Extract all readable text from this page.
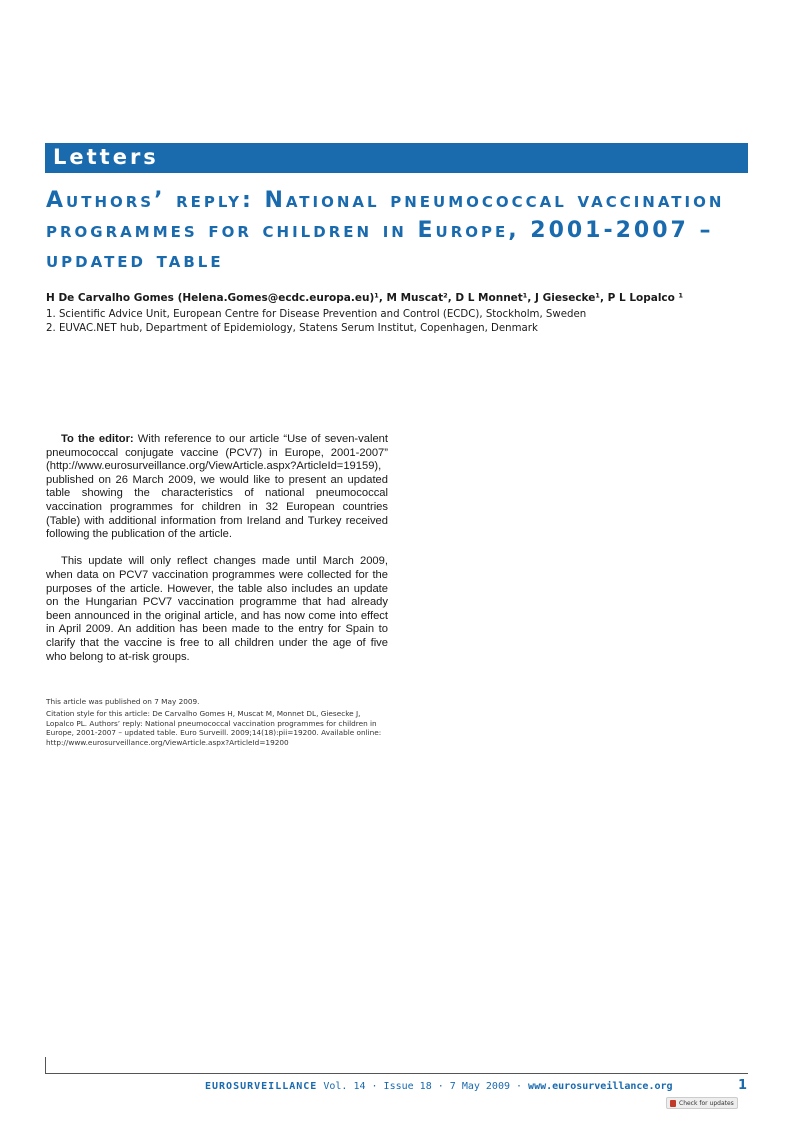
Letters
Authors’ reply: National pneumococcal vaccination programmes for children in Europe, 2001-2007 – updated table
H De Carvalho Gomes (Helena.Gomes@ecdc.europa.eu)¹, M Muscat², D L Monnet¹, J Giesecke¹, P L Lopalco ¹
1. Scientific Advice Unit, European Centre for Disease Prevention and Control (ECDC), Stockholm, Sweden
2. EUVAC.NET hub, Department of Epidemiology, Statens Serum Institut, Copenhagen, Denmark

To the editor: With reference to our article “Use of seven-valent pneumococcal conjugate vaccine (PCV7) in Europe, 2001-2007” (http://www.eurosurveillance.org/ViewArticle.aspx?ArticleId=19159), published on 26 March 2009, we would like to present an updated table showing the characteristics of national pneumococcal vaccination programmes for children in 32 European countries (Table) with additional information from Ireland and Turkey received following the publication of the article.

This update will only reflect changes made until March 2009, when data on PCV7 vaccination programmes were collected for the purposes of the article. However, the table also includes an update on the Hungarian PCV7 vaccination programme that had already been announced in the original article, and has now come into effect in April 2009. An addition has been made to the entry for Spain to clarify that the vaccine is free to all children under the age of five who belong to at-risk groups.

This article was published on 7 May 2009.
Citation style for this article: De Carvalho Gomes H, Muscat M, Monnet DL, Giesecke J, Lopalco PL. Authors’ reply: National pneumococcal vaccination programmes for children in Europe, 2001-2007 – updated table. Euro Surveill. 2009;14(18):pii=19200. Available online: http://www.eurosurveillance.org/ViewArticle.aspx?ArticleId=19200
EUROSURVEILLANCE Vol. 14 · Issue 18 · 7 May 2009 · www.eurosurveillance.org	1
Check for updates
